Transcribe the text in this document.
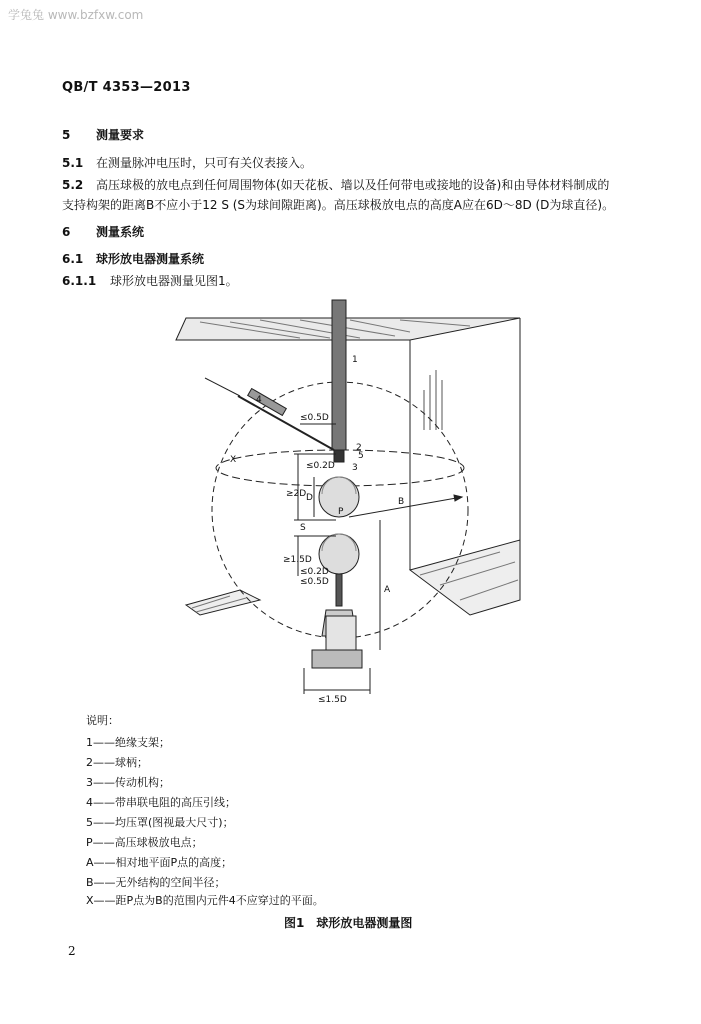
学兔兔 www.bzfxw.com
QB/T 4353—2013
5 测量要求
5.1 在测量脉冲电压时，只可有关仪表接入。
5.2 高压球极的放电点到任何周围物体(如天花板、墙以及任何带电或接地的设备)和由导体材料制成的
支持构架的距离B不应小于12 S (S为球间隙距离)。高压球极放电点的高度A应在6D～8D (D为球直径)。
6 测量系统
6.1 球形放电器测量系统
6.1.1 球形放电器测量见图1。
1
2
3
4
5
≤0.5D
≤0.2D
≥2D D
P
S
≥1.5D
≤0.2D
≤0.5D
A
B
X
≤1.5D
说明：
1——绝缘支架；
2——球柄；
3——传动机构；
4——带串联电阻的高压引线；
5——均压罩(图视最大尺寸)；
P——高压球极放电点；
A——相对地平面P点的高度；
B——无外结构的空间半径；
X——距P点为B的范围内元件4不应穿过的平面。
图1　球形放电器测量图
2
